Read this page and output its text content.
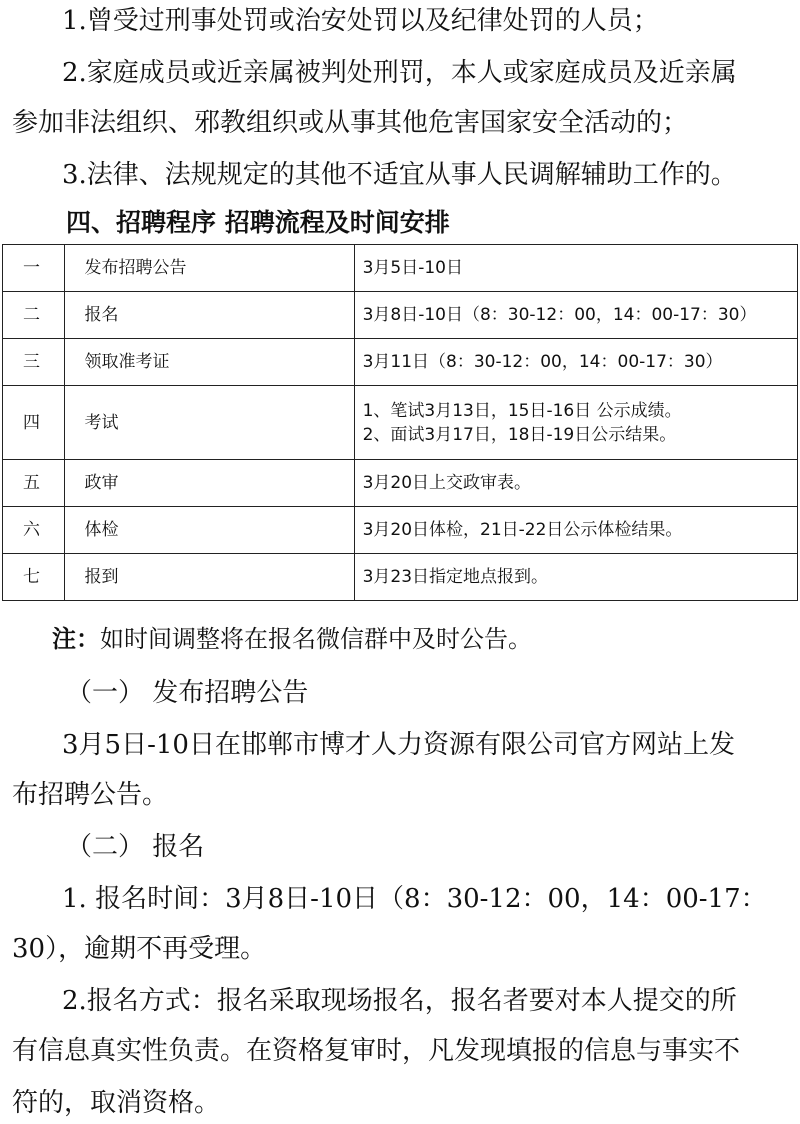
1.曾受过刑事处罚或治安处罚以及纪律处罚的人员；
2.家庭成员或近亲属被判处刑罚，本人或家庭成员及近亲属
参加非法组织、邪教组织或从事其他危害国家安全活动的；
3.法律、法规规定的其他不适宜从事人民调解辅助工作的。
四、招聘程序 招聘流程及时间安排
一	发布招聘公告	3月5日-10日

二	报名	3月8日-10日（8：30-12：00，14：00-17：30）

三	领取准考证	3月11日（8：30-12：00，14：00-17：30）

四	考试	1、笔试3月13日，15日-16日 公示成绩。
2、面试3月17日，18日-19日公示结果。

五	政审	3月20日上交政审表。

六	体检	3月20日体检，21日-22日公示体检结果。

七	报到	3月23日指定地点报到。
注：如时间调整将在报名微信群中及时公告。
（一） 发布招聘公告
3月5日-10日在邯郸市博才人力资源有限公司官方网站上发
布招聘公告。
（二） 报名
1. 报名时间：3月8日-10日（8：30-12：00，14：00-17：
30），逾期不再受理。
2.报名方式：报名采取现场报名，报名者要对本人提交的所
有信息真实性负责。在资格复审时，凡发现填报的信息与事实不
符的，取消资格。
